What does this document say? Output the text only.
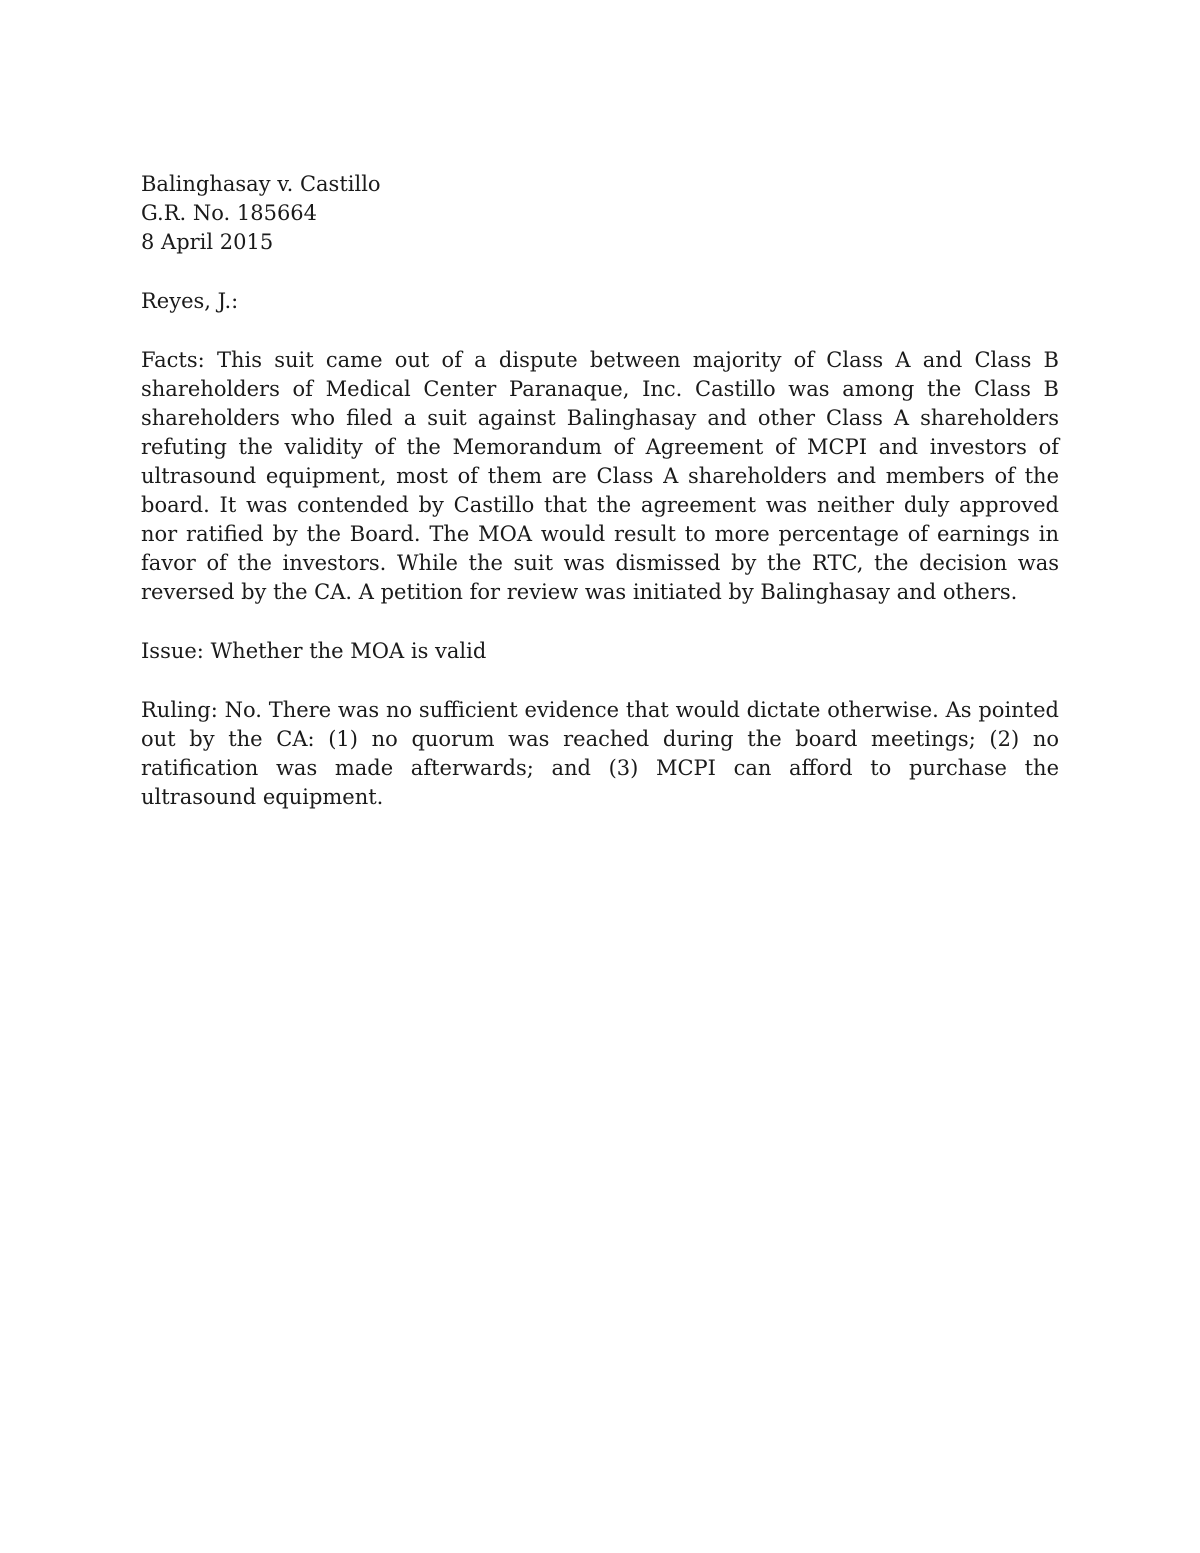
Balinghasay v. Castillo

G.R. No. 185664

8 April 2015

Reyes, J.:

Facts: This suit came out of a dispute between majority of Class A and Class B shareholders of Medical Center Paranaque, Inc. Castillo was among the Class B shareholders who filed a suit against Balinghasay and other Class A shareholders refuting the validity of the Memorandum of Agreement of MCPI and investors of ultrasound equipment, most of them are Class A shareholders and members of the board. It was contended by Castillo that the agreement was neither duly approved nor ratified by the Board. The MOA would result to more percentage of earnings in favor of the investors. While the suit was dismissed by the RTC, the decision was reversed by the CA. A petition for review was initiated by Balinghasay and others.

Issue: Whether the MOA is valid

Ruling: No. There was no sufficient evidence that would dictate otherwise. As pointed out by the CA: (1) no quorum was reached during the board meetings; (2) no ratification was made afterwards; and (3) MCPI can afford to purchase the ultrasound equipment.
